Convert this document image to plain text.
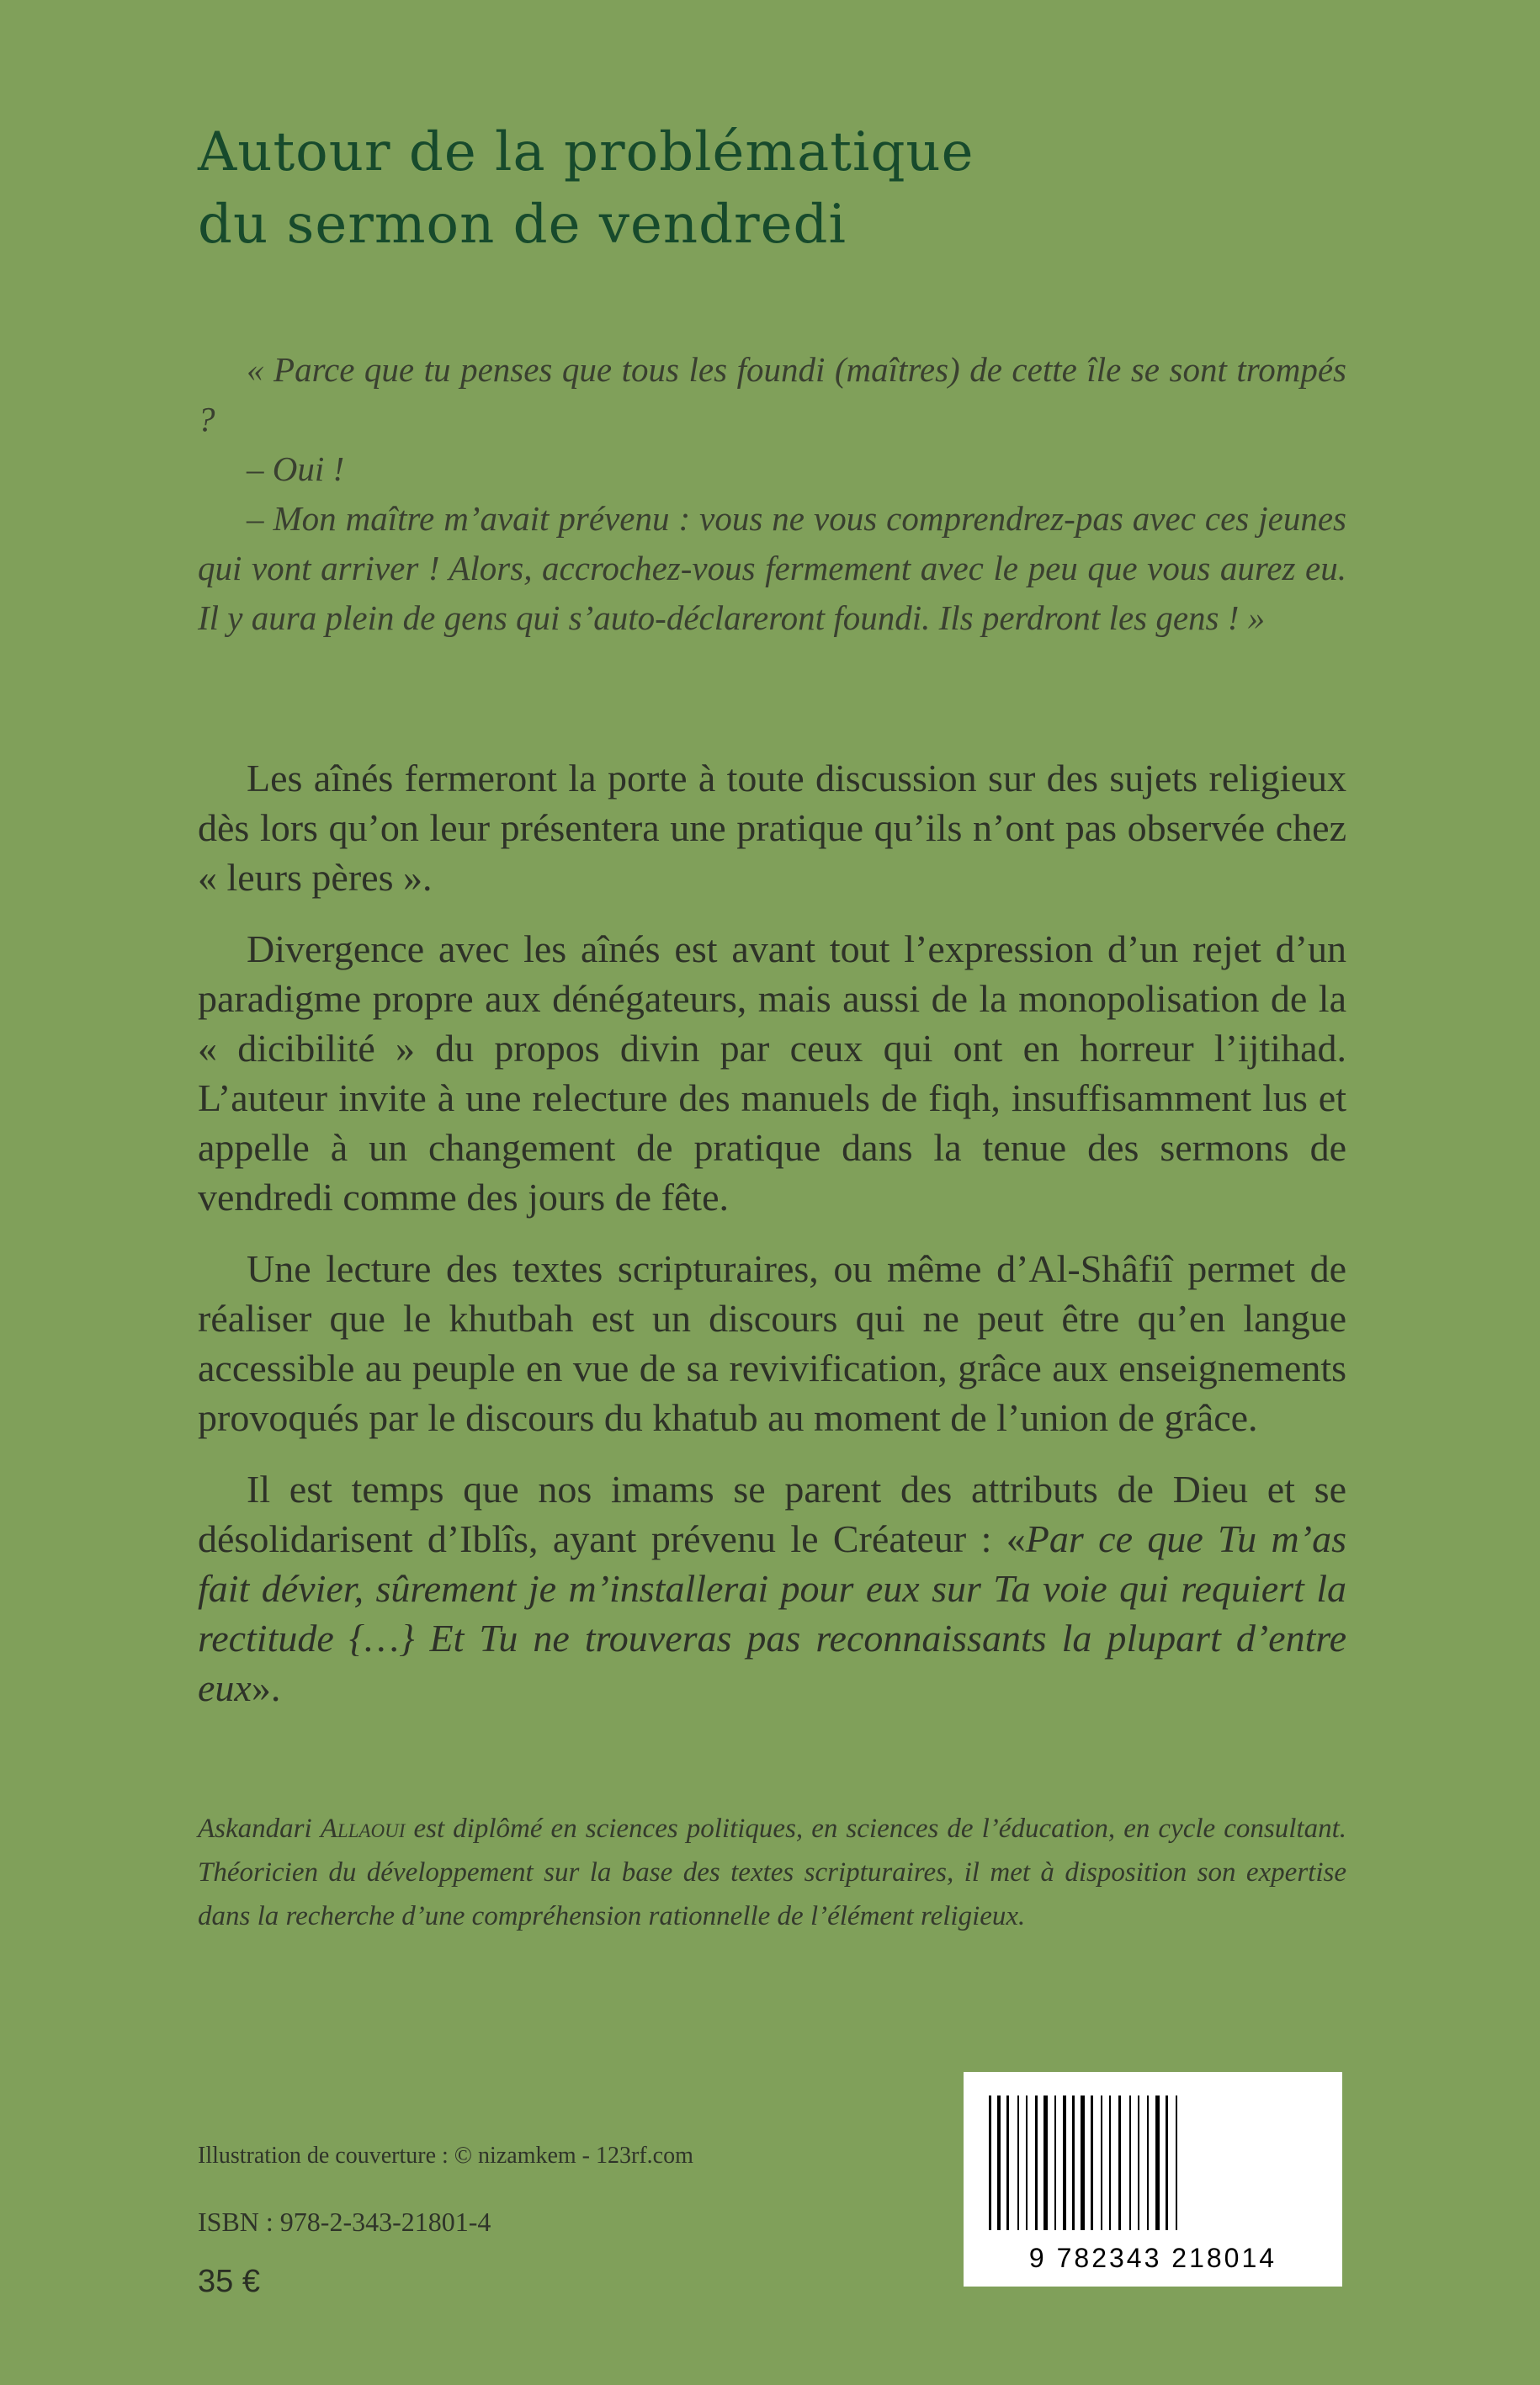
Autour de la problématique
du sermon de vendredi

« Parce que tu penses que tous les foundi (maîtres) de cette île se sont trompés ?

– Oui !

– Mon maître m’avait prévenu : vous ne vous comprendrez-pas avec ces jeunes qui vont arriver ! Alors, accrochez-vous fermement avec le peu que vous aurez eu. Il y aura plein de gens qui s’auto-déclareront foundi. Ils perdront les gens ! »

Les aînés fermeront la porte à toute discussion sur des sujets religieux dès lors qu’on leur présentera une pratique qu’ils n’ont pas observée chez « leurs pères ».

Divergence avec les aînés est avant tout l’expression d’un rejet d’un paradigme propre aux dénégateurs, mais aussi de la monopolisation de la « dicibilité » du propos divin par ceux qui ont en horreur l’ijtihad. L’auteur invite à une relecture des manuels de fiqh, insuffisamment lus et appelle à un changement de pratique dans la tenue des sermons de vendredi comme des jours de fête.

Une lecture des textes scripturaires, ou même d’Al-Shâfiî permet de réaliser que le khutbah est un discours qui ne peut être qu’en langue accessible au peuple en vue de sa revivification, grâce aux enseignements provoqués par le discours du khatub au moment de l’union de grâce.

Il est temps que nos imams se parent des attributs de Dieu et se désolidarisent d’Iblîs, ayant prévenu le Créateur : «Par ce que Tu m’as fait dévier, sûrement je m’installerai pour eux sur Ta voie qui requiert la rectitude {…} Et Tu ne trouveras pas reconnaissants la plupart d’entre eux».

Askandari Allaoui est diplômé en sciences politiques, en sciences de l’éducation, en cycle consultant. Théoricien du développement sur la base des textes scripturaires, il met à disposition son expertise dans la recherche d’une compréhension rationnelle de l’élément religieux.

Illustration de couverture : © nizamkem - 123rf.com
ISBN : 978-2-343-21801-4
35 €
9 782343 218014
